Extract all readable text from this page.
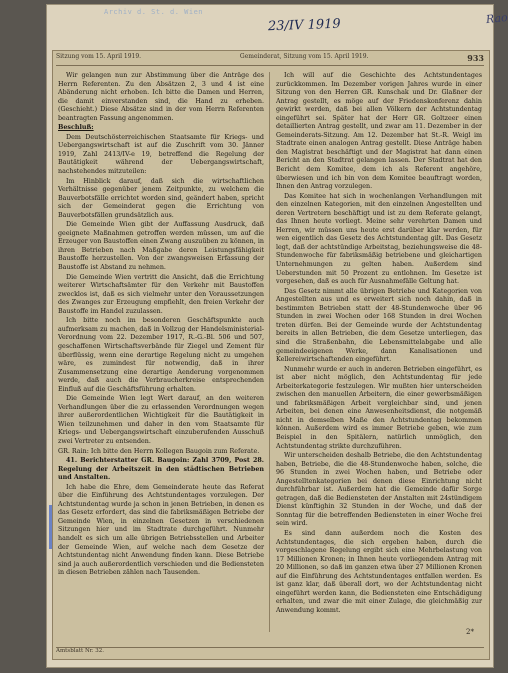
Archiv d. St. d. Wien
23/IV 1919	Rao
Sitzung vom 15. April 1919.	Gemeinderat, Sitzung vom 15. April 1919.	933

Wir gelangen nun zur Abstimmung über die Anträge des Herrn Referenten. Zu den Absätzen 2, 3 und 4 ist eine Abänderung nicht erhoben. Ich bitte die Damen und Herren, die damit einverstanden sind, die Hand zu erheben. (Geschieht.) Diese Absätze sind in der vom Herrn Referenten beantragten Fassung angenommen.

Beschluß:

Dem Deutschösterreichischen Staatsamte für Kriegs- und Uebergangswirtschaft ist auf die Zuschrift vom 30. Jänner 1919, Zahl 2413/IV-e 19, betreffend die Regelung der Bautätigkeit während der Uebergangswirtschaft, nachstehendes mitzuteilen:

Im Hinblick darauf, daß sich die wirtschaftlichen Verhältnisse gegenüber jenem Zeitpunkte, zu welchem die Bauverbotsfälle errichtet worden sind, geändert haben, spricht sich der Gemeinderat gegen die Errichtung von Bauverbotsfällen grundsätzlich aus.

Die Gemeinde Wien gibt der Auffassung Ausdruck, daß geeignete Maßnahmen getroffen werden müssen, um auf die Erzeuger von Baustoffen einen Zwang auszuüben zu können, in ihren Betrieben nach Maßgabe deren Leistungsfähigkeit Baustoffe herzustellen. Von der zwangsweisen Erfassung der Baustoffe ist Abstand zu nehmen.

Die Gemeinde Wien vertritt die Ansicht, daß die Errichtung weiterer Wirtschaftsämter für den Verkehr mit Baustoffen zwecklos ist, daß es sich vielmehr unter den Voraussetzungen des Zwanges zur Erzeugung empfiehlt, den freien Verkehr der Baustoffe im Handel zuzulassen.

Ich bitte noch im besonderen Geschäftspunkte auch aufmerksam zu machen, daß in Vollzug der Handelsministerial-Verordnung vom 22. Dezember 1917, R.-G.-Bl. 506 und 507, geschaffenen Wirtschaftsverbände für Ziegel und Zement für überflüssig, wenn eine derartige Regelung nicht zu umgehen wäre, es zumindest für notwendig, daß in ihrer Zusammensetzung eine derartige Aenderung vorgenommen werde, daß auch die Verbraucherkreise entsprechenden Einfluß auf die Geschäftsführung erhalten.

Die Gemeinde Wien legt Wert darauf, an den weiteren Verhandlungen über die zu erlassenden Verordnungen wegen ihrer außerordentlichen Wichtigkeit für die Bautätigkeit in Wien teilzunehmen und daher in den vom Staatsamte für Kriegs- und Uebergangswirtschaft einzuberufenden Ausschuß zwei Vertreter zu entsenden.

GR. Rain: Ich bitte den Herrn Kollegen Baugoin zum Referate.

41. Berichterstatter GR. Baugoin: Zahl 3709, Post 28. Regelung der Arbeitszeit in den städtischen Betrieben und Anstalten.

Ich habe die Ehre, dem Gemeinderate heute das Referat über die Einführung des Achtstundentages vorzulegen. Der Achtstundentag wurde ja schon in jenen Betrieben, in denen es das Gesetz erfordert, das sind die fabriksmäßigen Betriebe der Gemeinde Wien, in einzelnen Gesetzen in verschiedenen Sitzungen hier und im Stadtrate durchgeführt. Nunmehr handelt es sich um alle übrigen Betriebsstellen und Arbeiter der Gemeinde Wien, auf welche nach dem Gesetze der Achtstundentag nicht Anwendung finden kann. Diese Betriebe sind ja auch außerordentlich verschieden und die Bediensteten in diesen Betrieben zählen nach Tausenden.

Ich will auf die Geschichte des Achtstundentages zurückkommen. Im Dezember vorigen Jahres wurde in einer Sitzung von den Herren GR. Kunschak und Dr. Glaßner der Antrag gestellt, es möge auf der Friedenskonferenz dahin gewirkt werden, daß bei allen Völkern der Achtstundentag eingeführt sei. Später hat der Herr GR. Goltzeer einen detaillierten Antrag gestellt, und zwar am 11. Dezember in der Gemeinderats-Sitzung. Am 12. Dezember hat St.-R. Weigl im Stadtrate einen analogen Antrag gestellt. Diese Anträge haben den Magistrat beschäftigt und der Magistrat hat dann einen Bericht an den Stadtrat gelangen lassen. Der Stadtrat hat den Bericht dem Komitee, dem ich als Referent angehöre, überwiesen und ich bin von dem Komitee beauftragt worden, Ihnen den Antrag vorzulegen.

Das Komitee hat sich in wochenlangen Verhandlungen mit den einzelnen Kategorien, mit den einzelnen Angestellten und deren Vertretern beschäftigt und ist zu dem Referate gelangt, das Ihnen heute vorliegt. Meine sehr verehrten Damen und Herren, wir müssen uns heute erst darüber klar werden, für wen eigentlich das Gesetz des Achtstundentag gilt. Das Gesetz legt, daß der achtstündige Arbeitstag, beziehungsweise die 48-Stundenwoche für fabriksmäßig betriebene und gleichartigen Unternehmungen zu gelten haben. Außerdem sind Ueberstunden mit 50 Prozent zu entlohnen. Im Gesetze ist vorgesehen, daß es auch für Ausnahmefälle Geltung hat.

Das Gesetz nimmt alle übrigen Betriebe und Kategorien von Angestellten aus und es erweitert sich noch dahin, daß in bestimmten Betrieben statt der 48-Stundenwoche über 96 Stunden in zwei Wochen oder 168 Stunden in drei Wochen treten dürfen. Bei der Gemeinde wurde der Achtstundentag bereits in allen Betrieben, die dem Gesetze unterliegen, das sind die Straßenbahn, die Lebensmittelabgabe und alle gemeindeeigenen Werke, dann Kanalisationen und Kellereiwirtschaftenden eingeführt.

Nunmehr wurde er auch in anderen Betrieben eingeführt, es ist aber nicht möglich, den Achtstundentag für jede Arbeiterkategorie festzulegen. Wir mußten hier unterscheiden zwischen den manuellen Arbeitern, die einer gewerbsmäßigen und fabriksmäßigen Arbeit vergleichbar sind, und jenen Arbeiten, bei denen eine Anwesenheitsdienst, die notgemäß nicht in demselben Maße den Achtstundentag bekommen können. Außerdem wird es immer Betriebe geben, wie zum Beispiel in den Spitälern, natürlich unmöglich, den Achtstundentag strikte durchzuführen.

Wir unterscheiden deshalb Betriebe, die den Achtstundentag haben, Betriebe, die die 48-Stundenwoche haben, solche, die 96 Stunden in zwei Wochen haben, und Betriebe oder Angestelltenkategorien bei denen diese Einrichtung nicht durchführbar ist. Außerdem hat die Gemeinde dafür Sorge getragen, daß die Bediensteten der Anstalten mit 24stündigem Dienst künftighin 32 Stunden in der Woche, und daß der Sonntag für die betreffenden Bediensteten in einer Woche frei sein wird.

Es sind dann außerdem noch die Kosten des Achtstundentages, die sich ergeben haben, durch die vorgeschlagene Regelung ergibt sich eine Mehrbelastung von 17 Millionen Kronen; in Ihnen heute vorliegendem Antrag mit 20 Millionen, so daß im ganzen etwa über 27 Millionen Kronen auf die Einführung des Achtstundentages entfallen werden. Es ist ganz klar, daß überall dort, wo der Achtstundentag nicht eingeführt werden kann, die Bediensteten eine Entschädigung erhalten, und zwar die mit einer Zulage, die gleichmäßig zur Anwendung kommt.

Amtsblatt Nr. 32.
2*
